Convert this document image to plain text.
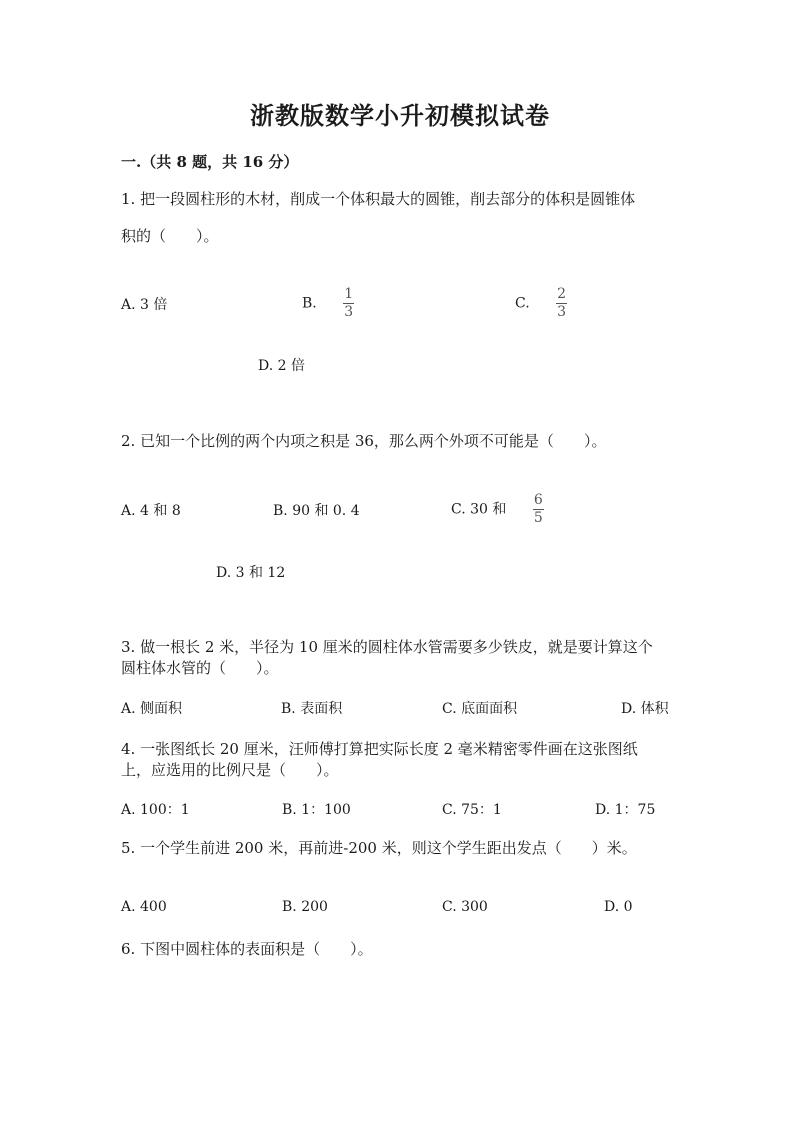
浙教版数学小升初模拟试卷
一.（共 8 题，共 16 分）
1. 把一段圆柱形的木材，削成一个体积最大的圆锥，削去部分的体积是圆锥体
积的（　　）。
A. 3 倍	B. $\frac{1}{3}$	C. $\frac{2}{3}$
D. 2 倍
2. 已知一个比例的两个内项之积是 36，那么两个外项不可能是（　　）。
A. 4 和 8	B. 90 和 0. 4	C. 30 和 $\frac{6}{5}$
D. 3 和 12
3. 做一根长 2 米，半径为 10 厘米的圆柱体水管需要多少铁皮，就是要计算这个
圆柱体水管的（　　）。
A. 侧面积	B. 表面积	C. 底面面积	D. 体积
4. 一张图纸长 20 厘米，汪师傅打算把实际长度 2 毫米精密零件画在这张图纸
上，应选用的比例尺是（　　）。
A. 100：1	B. 1：100	C. 75：1	D. 1：75
5. 一个学生前进 200 米，再前进-200 米，则这个学生距出发点（　　）米。
A. 400	B. 200	C. 300	D. 0
6. 下图中圆柱体的表面积是（　　）。
